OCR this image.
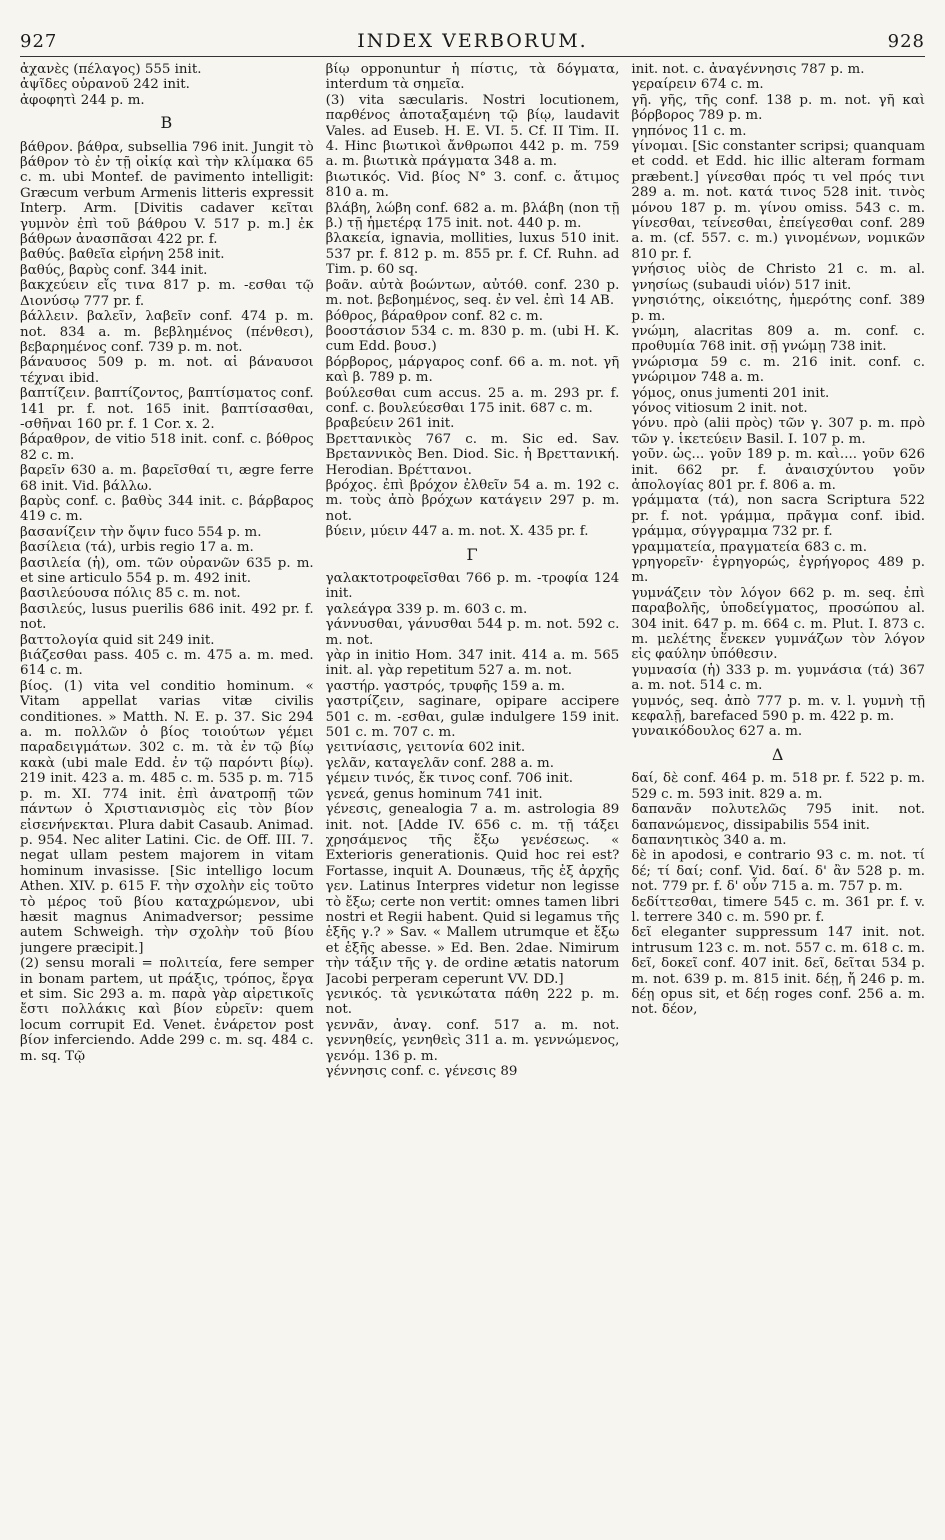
927	INDEX VERBORUM.	928

ἀχανὲς (πέλαγος) 555 init.

ἀψῖδες οὐρανοῦ 242 init.

ἀφοφητὶ 244 p. m.

B

βάθρον. βάθρα, subsellia 796 init. Jungit τὸ βάθρον τὸ ἐν τῇ οἰκίᾳ καὶ τὴν κλίμακα 65 c. m. ubi Montef. de pavimento intelligit: Græcum verbum Armenis litteris expressit Interp. Arm. [Divitis cadaver κεῖται γυμνὸν ἐπὶ τοῦ βάθρου V. 517 p. m.] ἐκ βάθρων ἀνασπᾶσαι 422 pr. f.

βαθύς. βαθεῖα εἰρήνη 258 init.

βαθύς, βαρὺς conf. 344 init.

βακχεύειν εἴς τινα 817 p. m. -εσθαι τῷ Διονύσῳ 777 pr. f.

βάλλειν. βαλεῖν, λαβεῖν conf. 474 p. m. not. 834 a. m. βεβλημένος (πένθεσι), βεβαρημένος conf. 739 p. m. not.

βάναυσος 509 p. m. not. αἱ βάναυσοι τέχναι ibid.

βαπτίζειν. βαπτίζοντος, βαπτίσματος conf. 141 pr. f. not. 165 init. βαπτίσασθαι, -σθῆναι 160 pr. f. 1 Cor. x. 2.

βάραθρον, de vitio 518 init. conf. c. βόθρος 82 c. m.

βαρεῖν 630 a. m. βαρεῖσθαί τι, ægre ferre 68 init. Vid. βάλλω.

βαρὺς conf. c. βαθὺς 344 init. c. βάρβαρος 419 c. m.

βασανίζειν τὴν ὄψιν fuco 554 p. m.

βασίλεια (τά), urbis regio 17 a. m.

βασιλεία (ἡ), om. τῶν οὐρανῶν 635 p. m. et sine articulo 554 p. m. 492 init.

βασιλεύουσα πόλις 85 c. m. not.

βασιλεύς, lusus puerilis 686 init. 492 pr. f. not.

βαττολογία quid sit 249 init.

βιάζεσθαι pass. 405 c. m. 475 a. m. med. 614 c. m.

βίος. (1) vita vel conditio hominum. « Vitam appellat varias vitæ civilis conditiones. » Matth. N. E. p. 37. Sic 294 a. m. πολλῶν ὁ βίος τοιούτων γέμει παραδειγμάτων. 302 c. m. τὰ ἐν τῷ βίῳ κακὰ (ubi male Edd. ἐν τῷ παρόντι βίῳ). 219 init. 423 a. m. 485 c. m. 535 p. m. 715 p. m. XI. 774 init. ἐπὶ ἀνατροπῇ τῶν πάντων ὁ Χριστιανισμὸς εἰς τὸν βίον εἰσενήνεκται. Plura dabit Casaub. Animad. p. 954. Nec aliter Latini. Cic. de Off. III. 7. negat ullam pestem majorem in vitam hominum invasisse. [Sic intelligo locum Athen. XIV. p. 615 F. τὴν σχολὴν εἰς τοῦτο τὸ μέρος τοῦ βίου καταχρώμενον, ubi hæsit magnus Animadversor; pessime autem Schweigh. τὴν σχολὴν τοῦ βίου jungere præcipit.]

(2) sensu morali = πολιτεία, fere semper in bonam partem, ut πράξις, τρόπος, ἔργα et sim. Sic 293 a. m. παρὰ γὰρ αἱρετικοῖς ἔστι πολλάκις καὶ βίον εὑρεῖν: quem locum corrupit Ed. Venet. ἐνάρετον post βίον inferciendo. Adde 299 c. m. sq. 484 c. m. sq. Τῷ

βίῳ opponuntur ἡ πίστις, τὰ δόγματα, interdum τὰ σημεῖα.

(3) vita sæcularis. Nostri locutionem, παρθένος ἀποταξαμένη τῷ βίῳ, laudavit Vales. ad Euseb. H. E. VI. 5. Cf. II Tim. II. 4. Hinc βιωτικοὶ ἄνθρωποι 442 p. m. 759 a. m. βιωτικὰ πράγματα 348 a. m.

βιωτικός. Vid. βίος N° 3. conf. c. ἄτιμος 810 a. m.

βλάβη, λώβη conf. 682 a. m. βλάβη (non τῇ β.) τῇ ἡμετέρᾳ 175 init. not. 440 p. m.

βλακεία, ignavia, mollities, luxus 510 init. 537 pr. f. 812 p. m. 855 pr. f. Cf. Ruhn. ad Tim. p. 60 sq.

βοᾶν. αὐτὰ βοώντων, αὐτόθ. conf. 230 p. m. not. βεβοημένος, seq. ἐν vel. ἐπὶ 14 AB.

βόθρος, βάραθρον conf. 82 c. m.

βοοστάσιον 534 c. m. 830 p. m. (ubi H. K. cum Edd. βουσ.)

βόρβορος, μάργαρος conf. 66 a. m. not. γῆ καὶ β. 789 p. m.

βούλεσθαι cum accus. 25 a. m. 293 pr. f. conf. c. βουλεύεσθαι 175 init. 687 c. m.

βραβεύειν 261 init.

Βρεττανικὸς 767 c. m. Sic ed. Sav. Βρεταννικὸς Ben. Diod. Sic. ἡ Βρεττανική. Herodian. Βρέττανοι.

βρόχος. ἐπὶ βρόχον ἐλθεῖν 54 a. m. 192 c. m. τοὺς ἀπὸ βρόχων κατάγειν 297 p. m. not.

βύειν, μύειν 447 a. m. not. X. 435 pr. f.

Γ

γαλακτοτροφεῖσθαι 766 p. m. -τροφία 124 init.

γαλεάγρα 339 p. m. 603 c. m.

γάννυσθαι, γάνυσθαι 544 p. m. not. 592 c. m. not.

γὰρ in initio Hom. 347 init. 414 a. m. 565 init. al. γὰρ repetitum 527 a. m. not.

γαστήρ. γαστρός, τρυφῆς 159 a. m.

γαστρίζειν, saginare, opipare accipere 501 c. m. -εσθαι, gulæ indulgere 159 init. 501 c. m. 707 c. m.

γειτνίασις, γειτονία 602 init.

γελᾶν, καταγελᾶν conf. 288 a. m.

γέμειν τινός, ἔκ τινος conf. 706 init.

γενεά, genus hominum 741 init.

γένεσις, genealogia 7 a. m. astrologia 89 init. not. [Adde IV. 656 c. m. τῇ τάξει χρησάμενος τῆς ἔξω γενέσεως. « Exterioris generationis. Quid hoc rei est? Fortasse, inquit A. Dounæus, τῆς ἐξ ἀρχῆς γεν. Latinus Interpres videtur non legisse τὸ ἔξω; certe non vertit: omnes tamen libri nostri et Regii habent. Quid si legamus τῆς ἑξῆς γ.? » Sav. « Mallem utrumque et ἔξω et ἑξῆς abesse. » Ed. Ben. 2dae. Nimirum τὴν τάξιν τῆς γ. de ordine ætatis natorum Jacobi perperam ceperunt VV. DD.]

γενικός. τὰ γενικώτατα πάθη 222 p. m. not.

γεννᾶν, ἀναγ. conf. 517 a. m. not. γεννηθείς, γενηθεὶς 311 a. m. γεννώμενος, γενόμ. 136 p. m.

γέννησις conf. c. γένεσις 89

init. not. c. ἀναγέννησις 787 p. m.

γεραίρειν 674 c. m.

γῆ. γῆς, τῆς conf. 138 p. m. not. γῆ καὶ βόρβορος 789 p. m.

γηπόνος 11 c. m.

γίνομαι. [Sic constanter scripsi; quanquam et codd. et Edd. hic illic alteram formam præbent.] γίνεσθαι πρός τι vel πρός τινι 289 a. m. not. κατά τινος 528 init. τινὸς μόνου 187 p. m. γίνου omiss. 543 c. m. γίνεσθαι, τείνεσθαι, ἐπείγεσθαι conf. 289 a. m. (cf. 557. c. m.) γινομένων, νομικῶν 810 pr. f.

γνήσιος υἱὸς de Christo 21 c. m. al. γνησίως (subaudi υἱόν) 517 init.

γνησιότης, οἰκειότης, ἡμερότης conf. 389 p. m.

γνώμη, alacritas 809 a. m. conf. c. προθυμία 768 init. σῇ γνώμῃ 738 init.

γνώρισμα 59 c. m. 216 init. conf. c. γνώριμον 748 a. m.

γόμος, onus jumenti 201 init.

γόνος vitiosum 2 init. not.

γόνυ. πρὸ (alii πρὸς) τῶν γ. 307 p. m. πρὸ τῶν γ. ἱκετεύειν Basil. I. 107 p. m.

γοῦν. ὡς... γοῦν 189 p. m. καὶ.... γοῦν 626 init. 662 pr. f. ἀναισχύντου γοῦν ἀπολογίας 801 pr. f. 806 a. m.

γράμματα (τά), non sacra Scriptura 522 pr. f. not. γράμμα, πρᾶγμα conf. ibid. γράμμα, σύγγραμμα 732 pr. f.

γραμματεία, πραγματεία 683 c. m.

γρηγορεῖν· ἐγρηγορώς, ἐγρήγορος 489 p. m.

γυμνάζειν τὸν λόγον 662 p. m. seq. ἐπὶ παραβολῆς, ὑποδείγματος, προσώπου al. 304 init. 647 p. m. 664 c. m. Plut. I. 873 c. m. μελέτης ἕνεκεν γυμνάζων τὸν λόγον εἰς φαύλην ὑπόθεσιν.

γυμνασία (ἡ) 333 p. m. γυμνάσια (τά) 367 a. m. not. 514 c. m.

γυμνός, seq. ἀπὸ 777 p. m. v. l. γυμνὴ τῇ κεφαλῇ, barefaced 590 p. m. 422 p. m.

γυναικόδουλος 627 a. m.

Δ

δαί, δὲ conf. 464 p. m. 518 pr. f. 522 p. m. 529 c. m. 593 init. 829 a. m.

δαπανᾶν πολυτελῶς 795 init. not. δαπανώμενος, dissipabilis 554 init.

δαπανητικὸς 340 a. m.

δὲ in apodosi, e contrario 93 c. m. not. τί δέ; τί δαί; conf. Vid. δαί. δ' ἂν 528 p. m. not. 779 pr. f. δ' οὖν 715 a. m. 757 p. m.

δεδίττεσθαι, timere 545 c. m. 361 pr. f. v. l. terrere 340 c. m. 590 pr. f.

δεῖ eleganter suppressum 147 init. not. intrusum 123 c. m. not. 557 c. m. 618 c. m. δεῖ, δοκεῖ conf. 407 init. δεῖ, δεῖται 534 p. m. not. 639 p. m. 815 init. δέῃ, ἤ 246 p. m. δέῃ opus sit, et δέῃ roges conf. 256 a. m. not. δέον,
